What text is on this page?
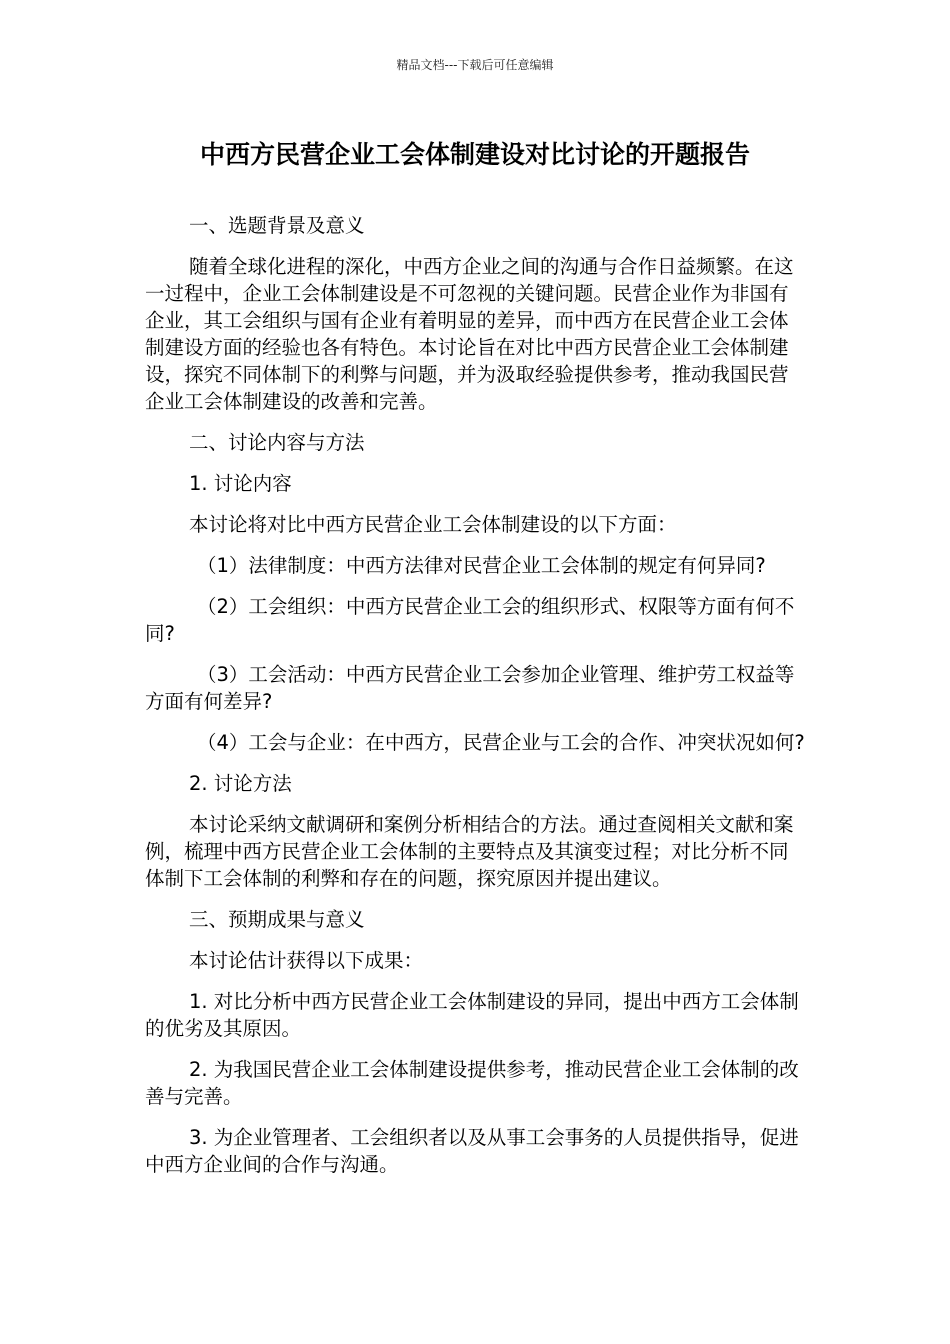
精品文档---下载后可任意编辑
中西方民营企业工会体制建设对比讨论的开题报告

一、选题背景及意义

随着全球化进程的深化，中西方企业之间的沟通与合作日益频繁。在这一过程中，企业工会体制建设是不可忽视的关键问题。民营企业作为非国有企业，其工会组织与国有企业有着明显的差异，而中西方在民营企业工会体制建设方面的经验也各有特色。本讨论旨在对比中西方民营企业工会体制建设，探究不同体制下的利弊与问题，并为汲取经验提供参考，推动我国民营企业工会体制建设的改善和完善。

二、讨论内容与方法

1. 讨论内容

本讨论将对比中西方民营企业工会体制建设的以下方面：

（1）法律制度：中西方法律对民营企业工会体制的规定有何异同?

（2）工会组织：中西方民营企业工会的组织形式、权限等方面有何不同?

（3）工会活动：中西方民营企业工会参加企业管理、维护劳工权益等方面有何差异?

（4）工会与企业：在中西方，民营企业与工会的合作、冲突状况如何?

2. 讨论方法

本讨论采纳文献调研和案例分析相结合的方法。通过查阅相关文献和案例，梳理中西方民营企业工会体制的主要特点及其演变过程；对比分析不同体制下工会体制的利弊和存在的问题，探究原因并提出建议。

三、预期成果与意义

本讨论估计获得以下成果：

1. 对比分析中西方民营企业工会体制建设的异同，提出中西方工会体制的优劣及其原因。

2. 为我国民营企业工会体制建设提供参考，推动民营企业工会体制的改善与完善。

3. 为企业管理者、工会组织者以及从事工会事务的人员提供指导，促进中西方企业间的合作与沟通。
